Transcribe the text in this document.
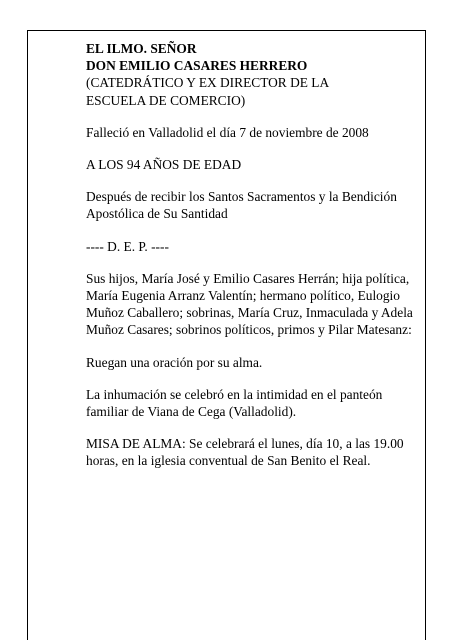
EL ILMO. SEÑOR
DON EMILIO CASARES HERRERO
(CATEDRÁTICO Y EX DIRECTOR DE LA
ESCUELA DE COMERCIO)

Falleció en Valladolid el día 7 de noviembre de 2008

A LOS 94 AÑOS DE EDAD

Después de recibir los Santos Sacramentos y la Bendición Apostólica de Su Santidad

---- D. E. P. ----

Sus hijos, María José y Emilio Casares Herrán; hija política, María Eugenia Arranz Valentín; hermano político, Eulogio Muñoz Caballero; sobrinas, María Cruz, Inmaculada y Adela Muñoz Casares; sobrinos políticos, primos y Pilar Matesanz:

Ruegan una oración por su alma.

La inhumación se celebró en la intimidad en el panteón familiar de Viana de Cega (Valladolid).

MISA DE ALMA: Se celebrará el lunes, día 10, a las 19.00 horas, en la iglesia conventual de San Benito el Real.
